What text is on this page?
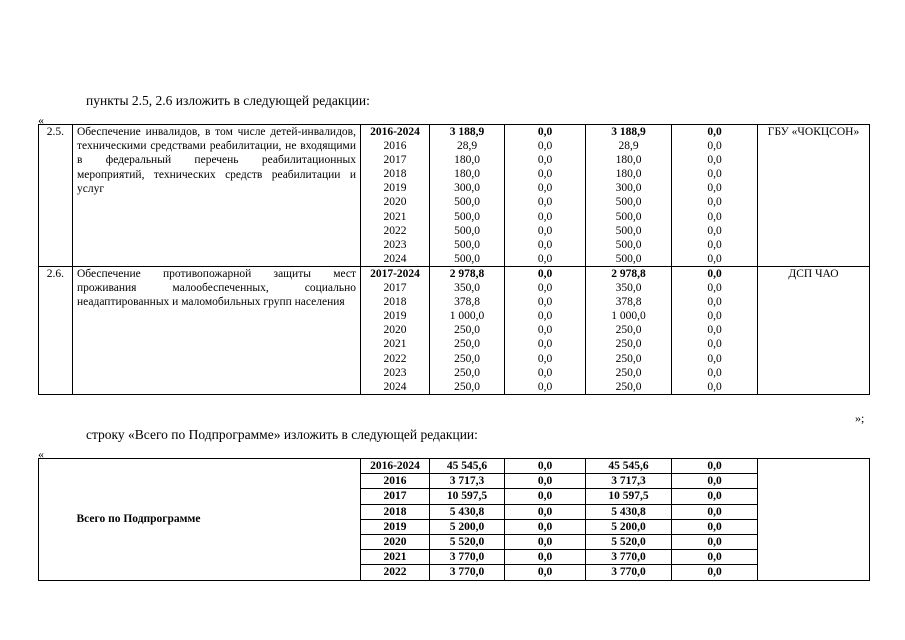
пункты 2.5, 2.6 изложить в следующей редакции:
«
2.5.	Обеспечение инвалидов, в том числе детей-инвалидов, техническими средствами реабилитации, не входящими в федеральный перечень реабилитационных мероприятий, технических средств реабилитации и услуг	2016-2024	3 188,9	0,0	3 188,9	0,0	ГБУ «ЧОКЦСОН»
		2016	28,9	0,0	28,9	0,0	
		2017	180,0	0,0	180,0	0,0	
		2018	180,0	0,0	180,0	0,0	
		2019	300,0	0,0	300,0	0,0	
		2020	500,0	0,0	500,0	0,0	
		2021	500,0	0,0	500,0	0,0	
		2022	500,0	0,0	500,0	0,0	
		2023	500,0	0,0	500,0	0,0	
		2024	500,0	0,0	500,0	0,0	
2.6.	Обеспечение противопожарной защиты мест проживания малообеспеченных, социально неадаптированных и маломобильных групп населения	2017-2024	2 978,8	0,0	2 978,8	0,0	ДСП ЧАО
		2017	350,0	0,0	350,0	0,0	
		2018	378,8	0,0	378,8	0,0	
		2019	1 000,0	0,0	1 000,0	0,0	
		2020	250,0	0,0	250,0	0,0	
		2021	250,0	0,0	250,0	0,0	
		2022	250,0	0,0	250,0	0,0	
		2023	250,0	0,0	250,0	0,0	
		2024	250,0	0,0	250,0	0,0	
»;
строку «Всего по Подпрограмме» изложить в следующей редакции:
«
	Всего по Подпрограмме	2016-2024	45 545,6	0,0	45 545,6	0,0	
		2016	3 717,3	0,0	3 717,3	0,0	
		2017	10 597,5	0,0	10 597,5	0,0	
		2018	5 430,8	0,0	5 430,8	0,0	
		2019	5 200,0	0,0	5 200,0	0,0	
		2020	5 520,0	0,0	5 520,0	0,0	
		2021	3 770,0	0,0	3 770,0	0,0	
		2022	3 770,0	0,0	3 770,0	0,0	
